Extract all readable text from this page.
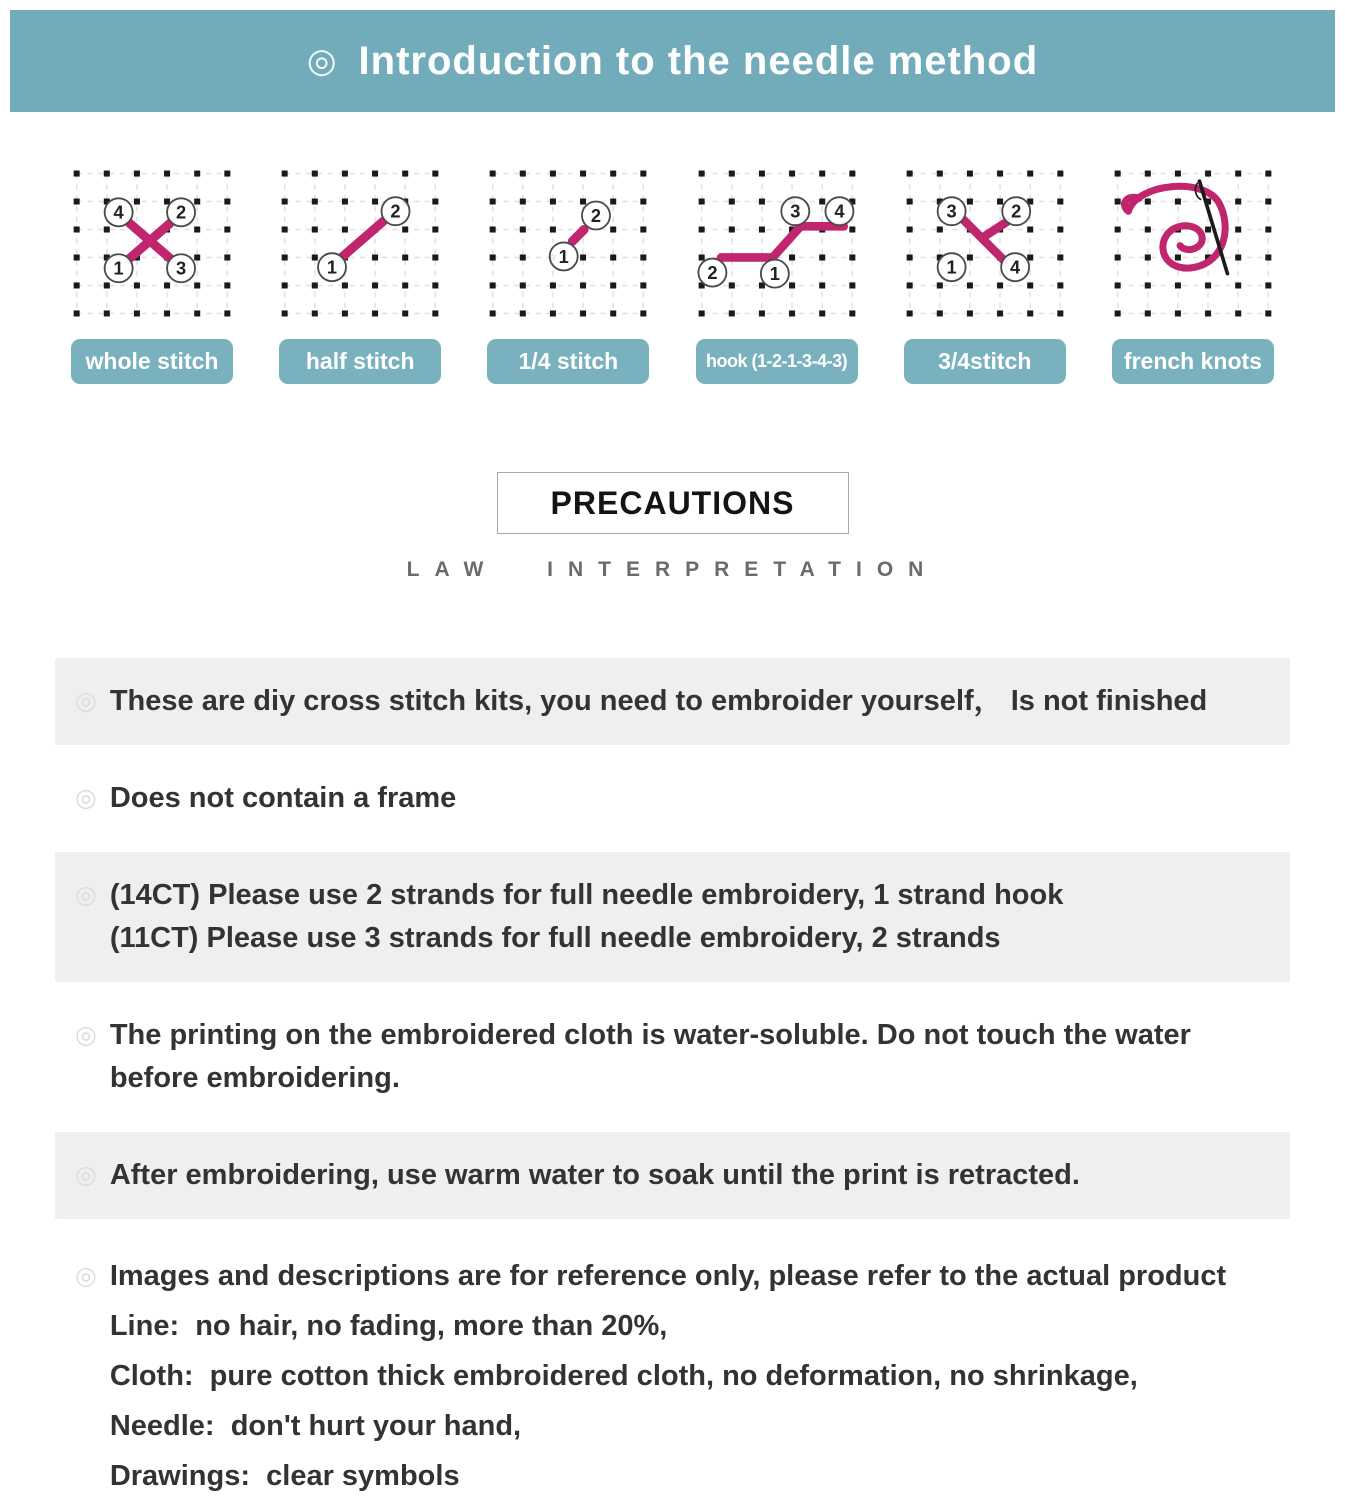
◎ Introduction to the needle method
4	2
1	3
whole stitch
1
2
half stitch
1
2
1/4 stitch
2	1
3 4
hook (1-2-1-3-4-3)
3	2
1	4
3/4stitch	french knots
PRECAUTIONS
LAW INTERPRETATION
◎ These are diy cross stitch kits, you need to embroider yourself， Is not finished
◎ Does not contain a frame
◎ (14CT) Please use 2 strands for full needle embroidery, 1 strand hook
(11CT) Please use 3 strands for full needle embroidery, 2 strands
◎ The printing on the embroidered cloth is water-soluble. Do not touch the water
before embroidering.
◎ After embroidering, use warm water to soak until the print is retracted.
◎ Images and descriptions are for reference only, please refer to the actual product
Line:  no hair, no fading, more than 20%,
Cloth:  pure cotton thick embroidered cloth, no deformation, no shrinkage,
Needle:  don't hurt your hand,
Drawings:  clear symbols
